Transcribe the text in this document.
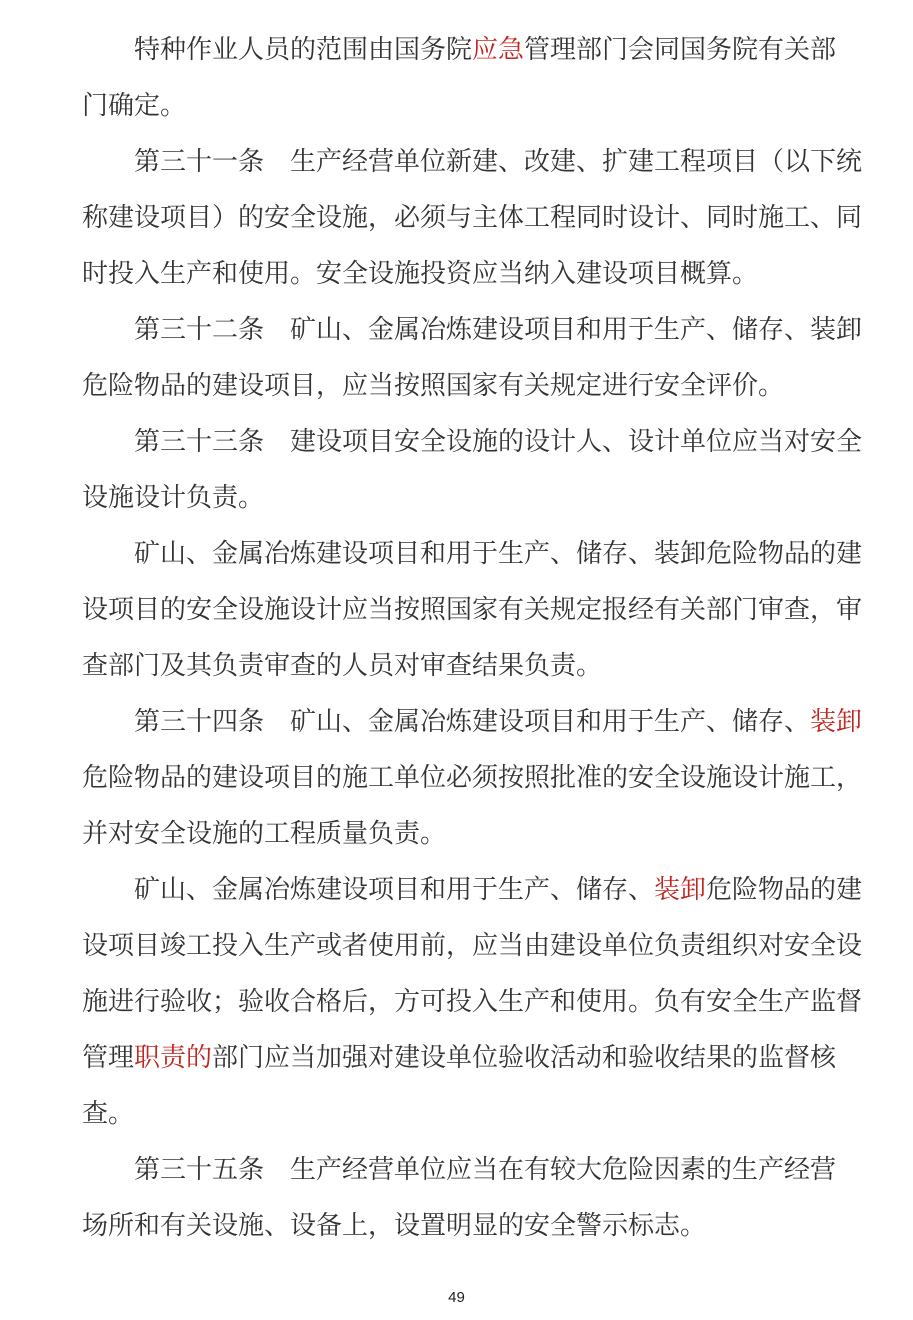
特种作业人员的范围由国务院应急管理部门会同国务院有关部
门确定。
第三十一条　生产经营单位新建、改建、扩建工程项目（以下统
称建设项目）的安全设施，必须与主体工程同时设计、同时施工、同
时投入生产和使用。安全设施投资应当纳入建设项目概算。
第三十二条　矿山、金属冶炼建设项目和用于生产、储存、装卸
危险物品的建设项目，应当按照国家有关规定进行安全评价。
第三十三条　建设项目安全设施的设计人、设计单位应当对安全
设施设计负责。
矿山、金属冶炼建设项目和用于生产、储存、装卸危险物品的建
设项目的安全设施设计应当按照国家有关规定报经有关部门审查，审
查部门及其负责审查的人员对审查结果负责。
第三十四条　矿山、金属冶炼建设项目和用于生产、储存、装卸
危险物品的建设项目的施工单位必须按照批准的安全设施设计施工，
并对安全设施的工程质量负责。
矿山、金属冶炼建设项目和用于生产、储存、装卸危险物品的建
设项目竣工投入生产或者使用前，应当由建设单位负责组织对安全设
施进行验收；验收合格后，方可投入生产和使用。负有安全生产监督
管理职责的部门应当加强对建设单位验收活动和验收结果的监督核
查。
第三十五条　生产经营单位应当在有较大危险因素的生产经营
场所和有关设施、设备上，设置明显的安全警示标志。
49
